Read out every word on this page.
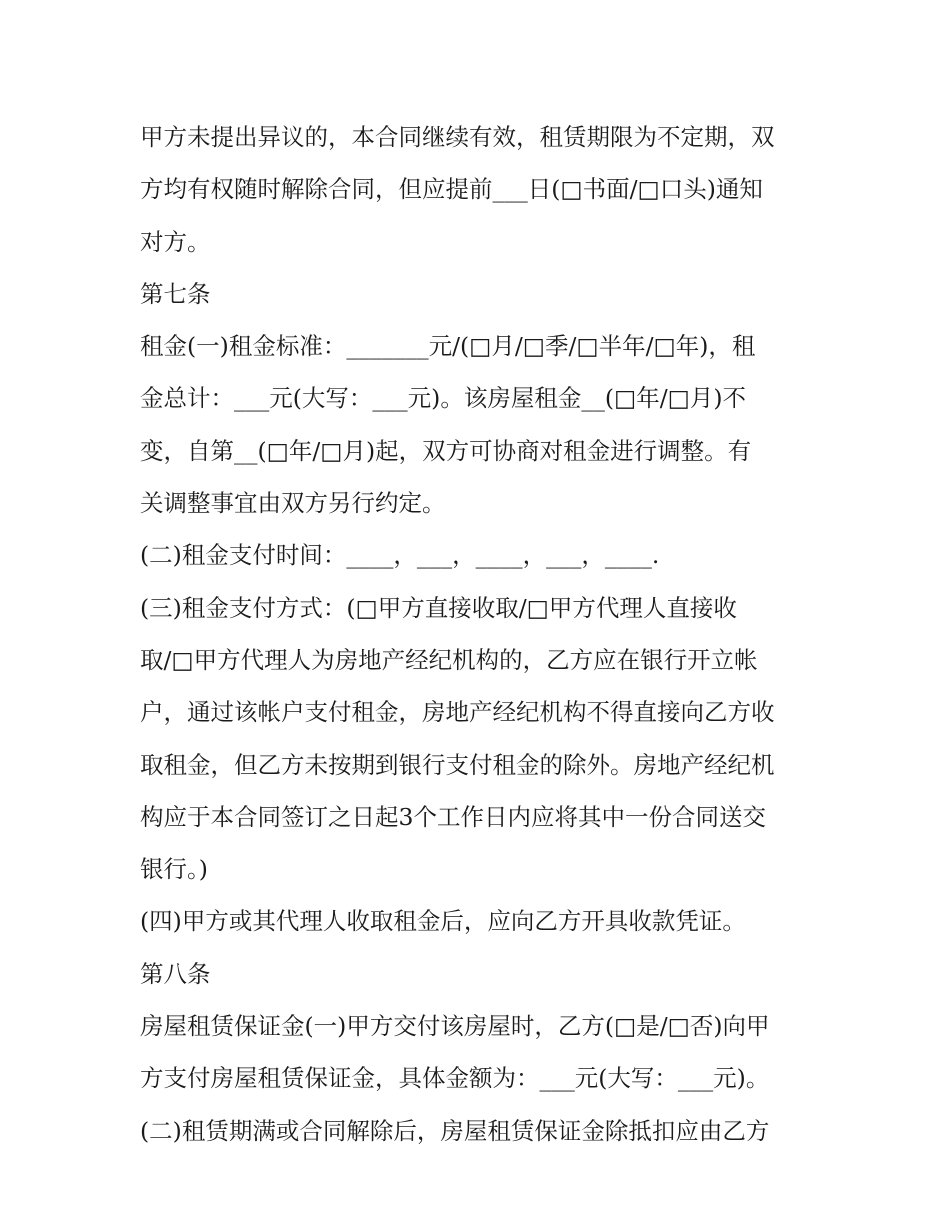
甲方未提出异议的，本合同继续有效，租赁期限为不定期，双
方均有权随时解除合同，但应提前___日(□书面/□口头)通知
对方。
第七条
租金(一)租金标准：_______元/(□月/□季/□半年/□年)，租
金总计：___元(大写：___元)。该房屋租金__(□年/□月)不
变，自第__(□年/□月)起，双方可协商对租金进行调整。有
关调整事宜由双方另行约定。
(二)租金支付时间：____，___，____，___，____.
(三)租金支付方式：(□甲方直接收取/□甲方代理人直接收
取/□甲方代理人为房地产经纪机构的，乙方应在银行开立帐
户，通过该帐户支付租金，房地产经纪机构不得直接向乙方收
取租金，但乙方未按期到银行支付租金的除外。房地产经纪机
构应于本合同签订之日起3个工作日内应将其中一份合同送交
银行。)
(四)甲方或其代理人收取租金后，应向乙方开具收款凭证。
第八条
房屋租赁保证金(一)甲方交付该房屋时，乙方(□是/□否)向甲
方支付房屋租赁保证金，具体金额为：___元(大写：___元)。
(二)租赁期满或合同解除后，房屋租赁保证金除抵扣应由乙方
